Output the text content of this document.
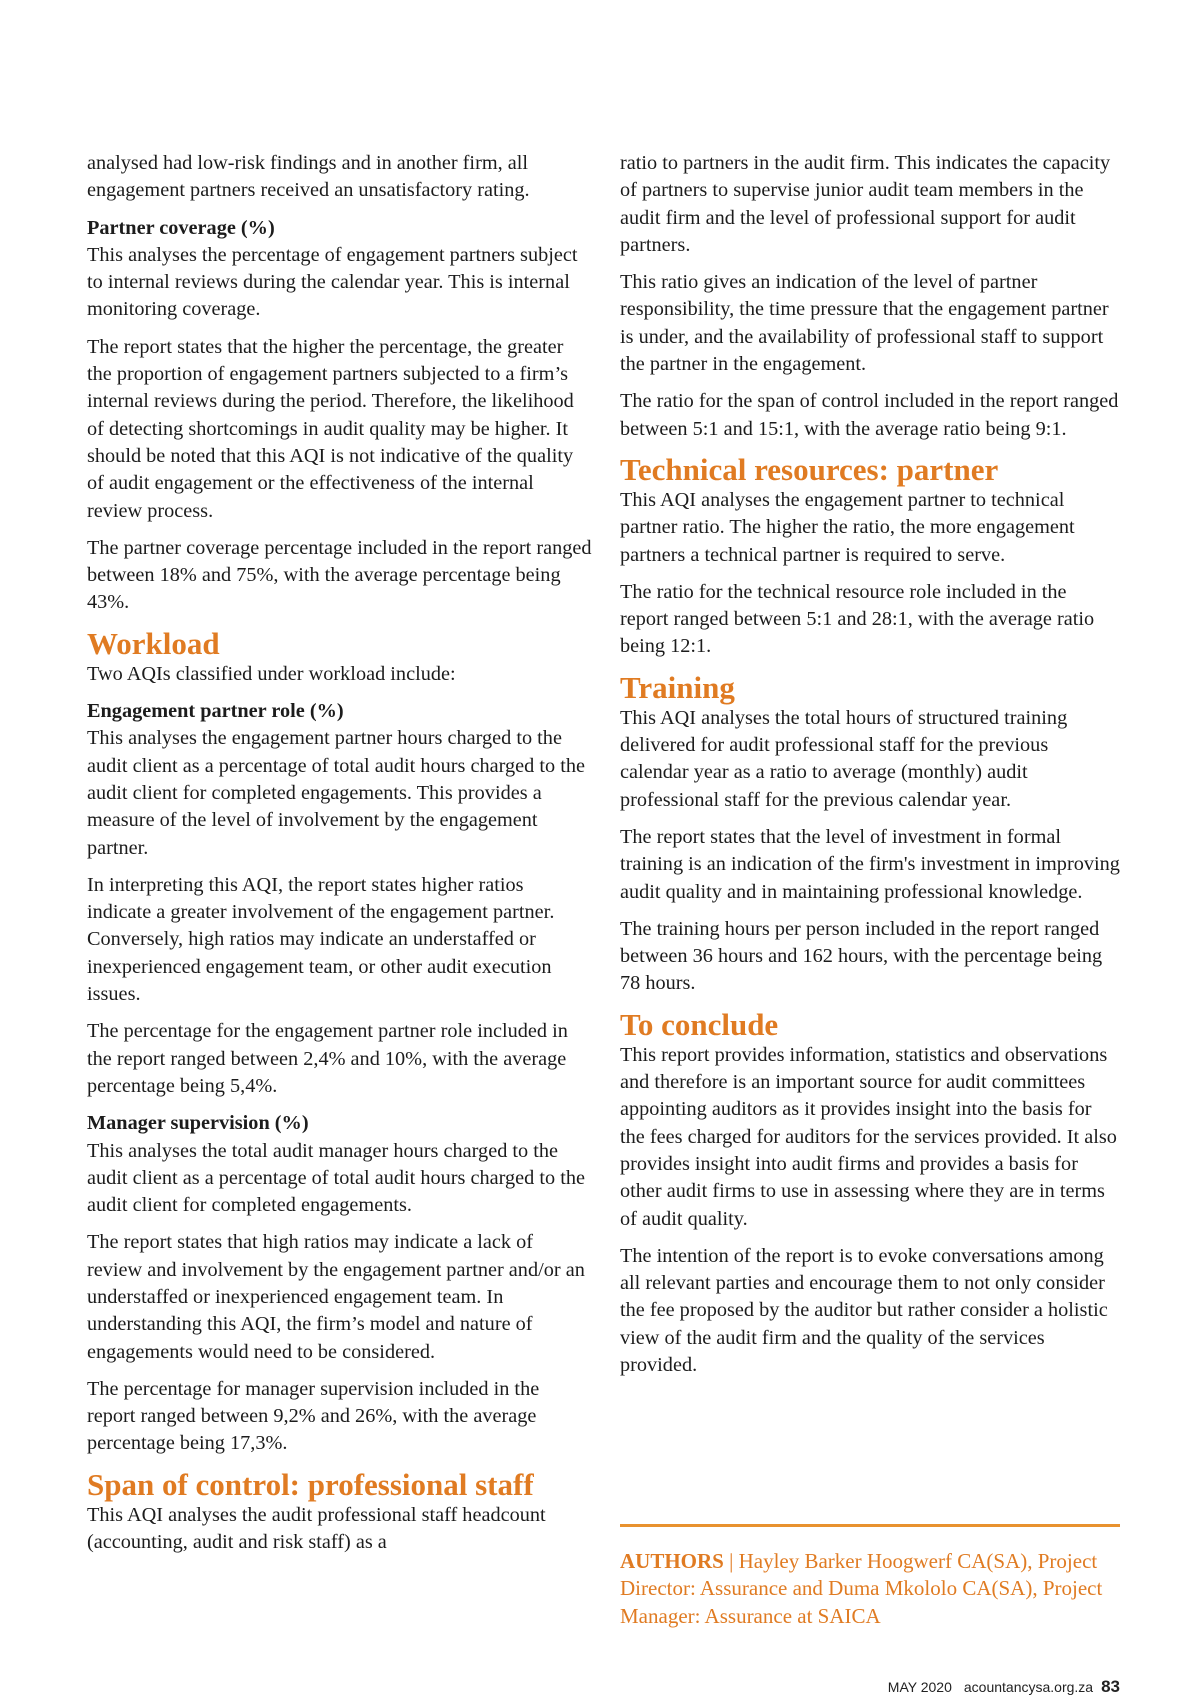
analysed had low-risk findings and in another firm, all engagement partners received an unsatisfactory rating.

Partner coverage (%)

This analyses the percentage of engagement partners subject to internal reviews during the calendar year. This is internal monitoring coverage.

The report states that the higher the percentage, the greater the proportion of engagement partners subjected to a firm’s internal reviews during the period. Therefore, the likelihood of detecting shortcomings in audit quality may be higher. It should be noted that this AQI is not indicative of the quality of audit engagement or the effectiveness of the internal review process.

The partner coverage percentage included in the report ranged between 18% and 75%, with the average percentage being 43%.

Workload

Two AQIs classified under workload include:

Engagement partner role (%)

This analyses the engagement partner hours charged to the audit client as a percentage of total audit hours charged to the audit client for completed engagements. This provides a measure of the level of involvement by the engagement partner.

In interpreting this AQI, the report states higher ratios indicate a greater involvement of the engagement partner. Conversely, high ratios may indicate an understaffed or inexperienced engagement team, or other audit execution issues.

The percentage for the engagement partner role included in the report ranged between 2,4% and 10%, with the average percentage being 5,4%.

Manager supervision (%)

This analyses the total audit manager hours charged to the audit client as a percentage of total audit hours charged to the audit client for completed engagements.

The report states that high ratios may indicate a lack of review and involvement by the engagement partner and/or an understaffed or inexperienced engagement team. In understanding this AQI, the firm’s model and nature of engagements would need to be considered.

The percentage for manager supervision included in the report ranged between 9,2% and 26%, with the average percentage being 17,3%.

Span of control: professional staff

This AQI analyses the audit professional staff headcount (accounting, audit and risk staff) as a

ratio to partners in the audit firm. This indicates the capacity of partners to supervise junior audit team members in the audit firm and the level of professional support for audit partners.

This ratio gives an indication of the level of partner responsibility, the time pressure that the engagement partner is under, and the availability of professional staff to support the partner in the engagement.

The ratio for the span of control included in the report ranged between 5:1 and 15:1, with the average ratio being 9:1.

Technical resources: partner

This AQI analyses the engagement partner to technical partner ratio. The higher the ratio, the more engagement partners a technical partner is required to serve.

The ratio for the technical resource role included in the report ranged between 5:1 and 28:1, with the average ratio being 12:1.

Training

This AQI analyses the total hours of structured training delivered for audit professional staff for the previous calendar year as a ratio to average (monthly) audit professional staff for the previous calendar year.

The report states that the level of investment in formal training is an indication of the firm's investment in improving audit quality and in maintaining professional knowledge.

The training hours per person included in the report ranged between 36 hours and 162 hours, with the percentage being 78 hours.

To conclude

This report provides information, statistics and observations and therefore is an important source for audit committees appointing auditors as it provides insight into the basis for the fees charged for auditors for the services provided. It also provides insight into audit firms and provides a basis for other audit firms to use in assessing where they are in terms of audit quality.

The intention of the report is to evoke conversations among all relevant parties and encourage them to not only consider the fee proposed by the auditor but rather consider a holistic view of the audit firm and the quality of the services provided.

AUTHORS | Hayley Barker Hoogwerf CA(SA), Project Director: Assurance and Duma Mkololo CA(SA), Project Manager: Assurance at SAICA

MAY 2020 acountancysa.org.za 83
